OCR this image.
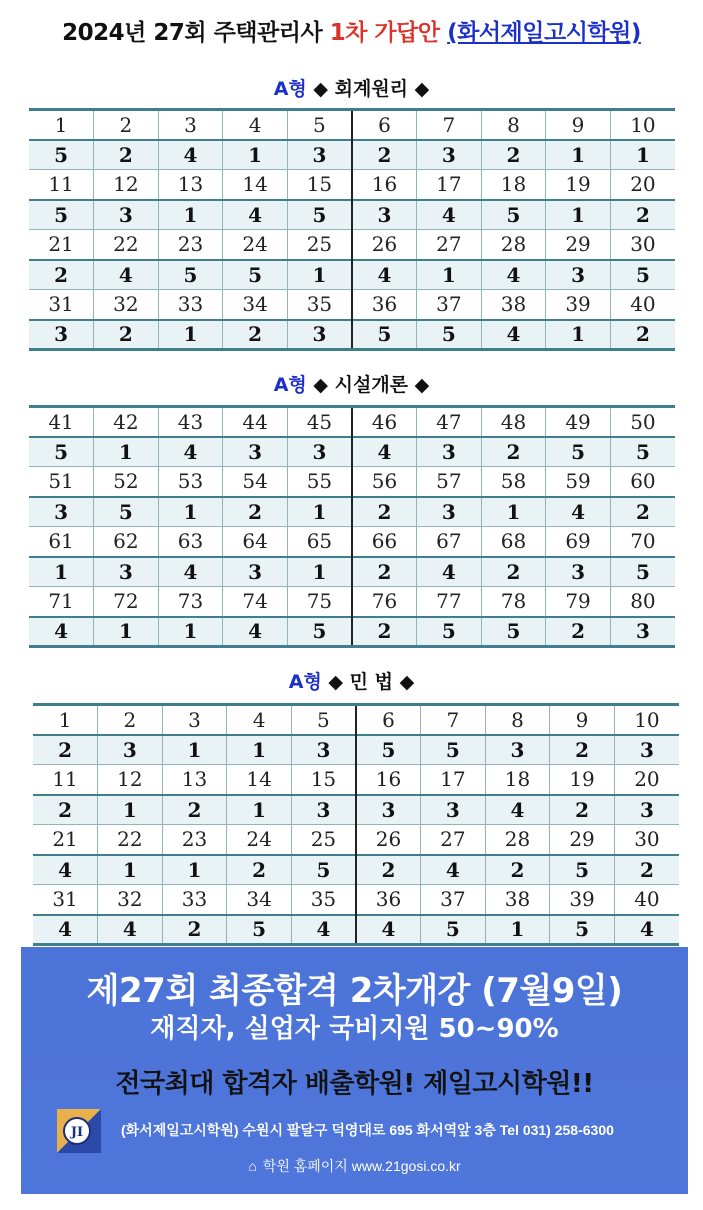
2024년 27회 주택관리사 1차 가답안 (화서제일고시학원)
A형 ◆ 회계원리 ◆
1	2	3	4	5	6	7	8	9	10
5	2	4	1	3	2	3	2	1	1
11	12	13	14	15	16	17	18	19	20
5	3	1	4	5	3	4	5	1	2
21	22	23	24	25	26	27	28	29	30
2	4	5	5	1	4	1	4	3	5
31	32	33	34	35	36	37	38	39	40
3	2	1	2	3	5	5	4	1	2
A형 ◆ 시설개론 ◆
41	42	43	44	45	46	47	48	49	50
5	1	4	3	3	4	3	2	5	5
51	52	53	54	55	56	57	58	59	60
3	5	1	2	1	2	3	1	4	2
61	62	63	64	65	66	67	68	69	70
1	3	4	3	1	2	4	2	3	5
71	72	73	74	75	76	77	78	79	80
4	1	1	4	5	2	5	5	2	3
A형 ◆ 민 법 ◆
1	2	3	4	5	6	7	8	9	10
2	3	1	1	3	5	5	3	2	3
11	12	13	14	15	16	17	18	19	20
2	1	2	1	3	3	3	4	2	3
21	22	23	24	25	26	27	28	29	30
4	1	1	2	5	2	4	2	5	2
31	32	33	34	35	36	37	38	39	40
4	4	2	5	4	4	5	1	5	4
제27회 최종합격 2차개강 (7월9일)
재직자, 실업자 국비지원 50~90%
전국최대 합격자 배출학원! 제일고시학원!!
JI	(화서제일고시학원) 수원시 팔달구 덕영대로 695 화서역앞 3층 Tel 031) 258-6300
⌂ 학원 홈페이지 www.21gosi.co.kr
